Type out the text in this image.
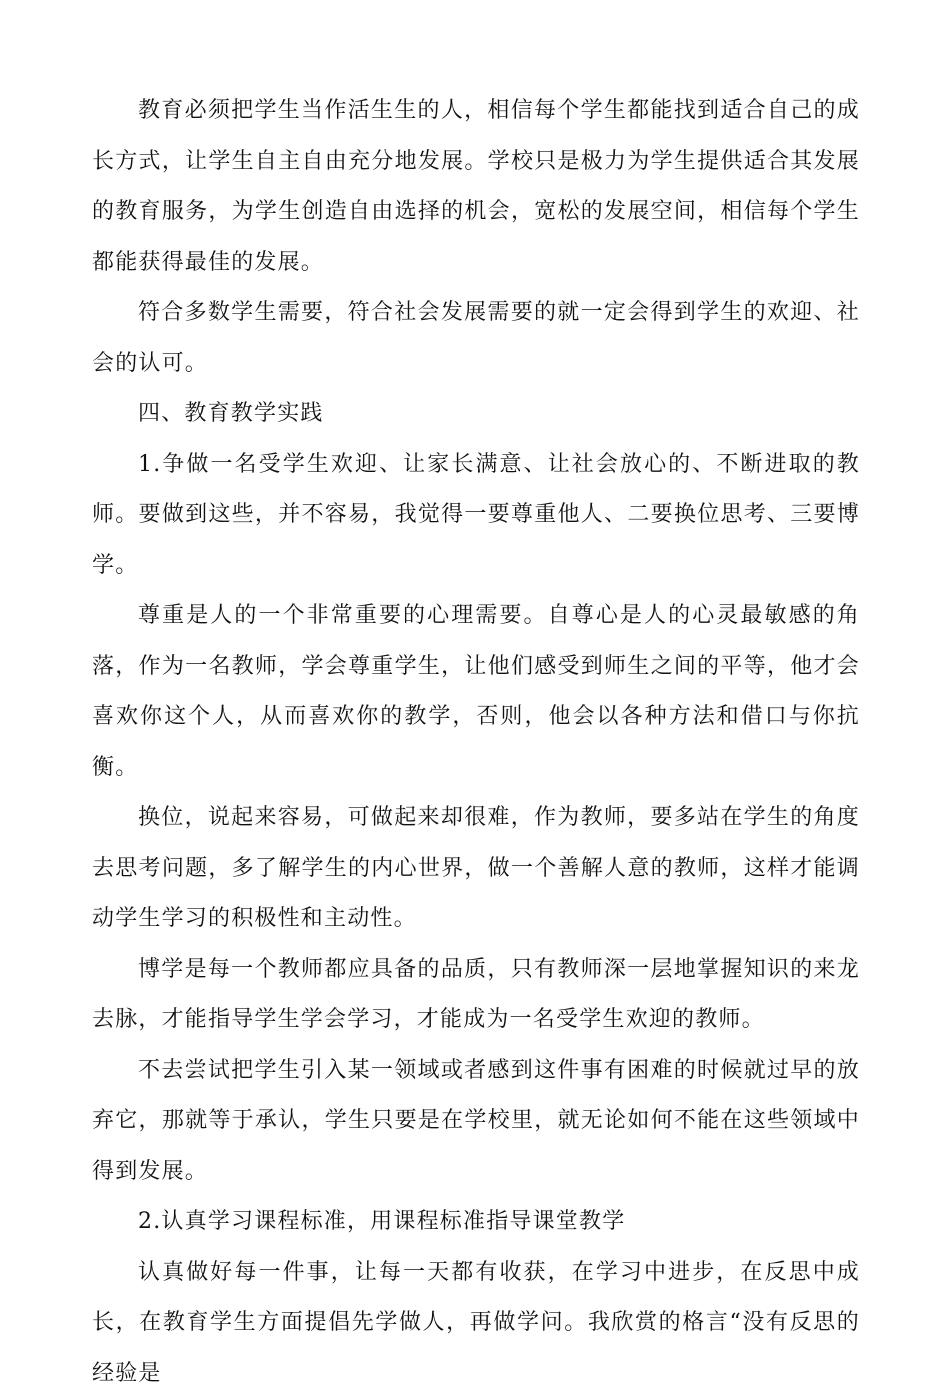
教育必须把学生当作活生生的人，相信每个学生都能找到适合自己的成长方式，让学生自主自由充分地发展。学校只是极力为学生提供适合其发展的教育服务，为学生创造自由选择的机会，宽松的发展空间，相信每个学生都能获得最佳的发展。

符合多数学生需要，符合社会发展需要的就一定会得到学生的欢迎、社会的认可。

四、教育教学实践

1.争做一名受学生欢迎、让家长满意、让社会放心的、不断进取的教师。要做到这些，并不容易，我觉得一要尊重他人、二要换位思考、三要博学。

尊重是人的一个非常重要的心理需要。自尊心是人的心灵最敏感的角落，作为一名教师，学会尊重学生，让他们感受到师生之间的平等，他才会喜欢你这个人，从而喜欢你的教学，否则，他会以各种方法和借口与你抗衡。

换位，说起来容易，可做起来却很难，作为教师，要多站在学生的角度去思考问题，多了解学生的内心世界，做一个善解人意的教师，这样才能调动学生学习的积极性和主动性。

博学是每一个教师都应具备的品质，只有教师深一层地掌握知识的来龙去脉，才能指导学生学会学习，才能成为一名受学生欢迎的教师。

不去尝试把学生引入某一领域或者感到这件事有困难的时候就过早的放弃它，那就等于承认，学生只要是在学校里，就无论如何不能在这些领域中得到发展。

2.认真学习课程标准，用课程标准指导课堂教学

认真做好每一件事，让每一天都有收获，在学习中进步，在反思中成长，在教育学生方面提倡先学做人，再做学问。我欣赏的格言“没有反思的经验是
